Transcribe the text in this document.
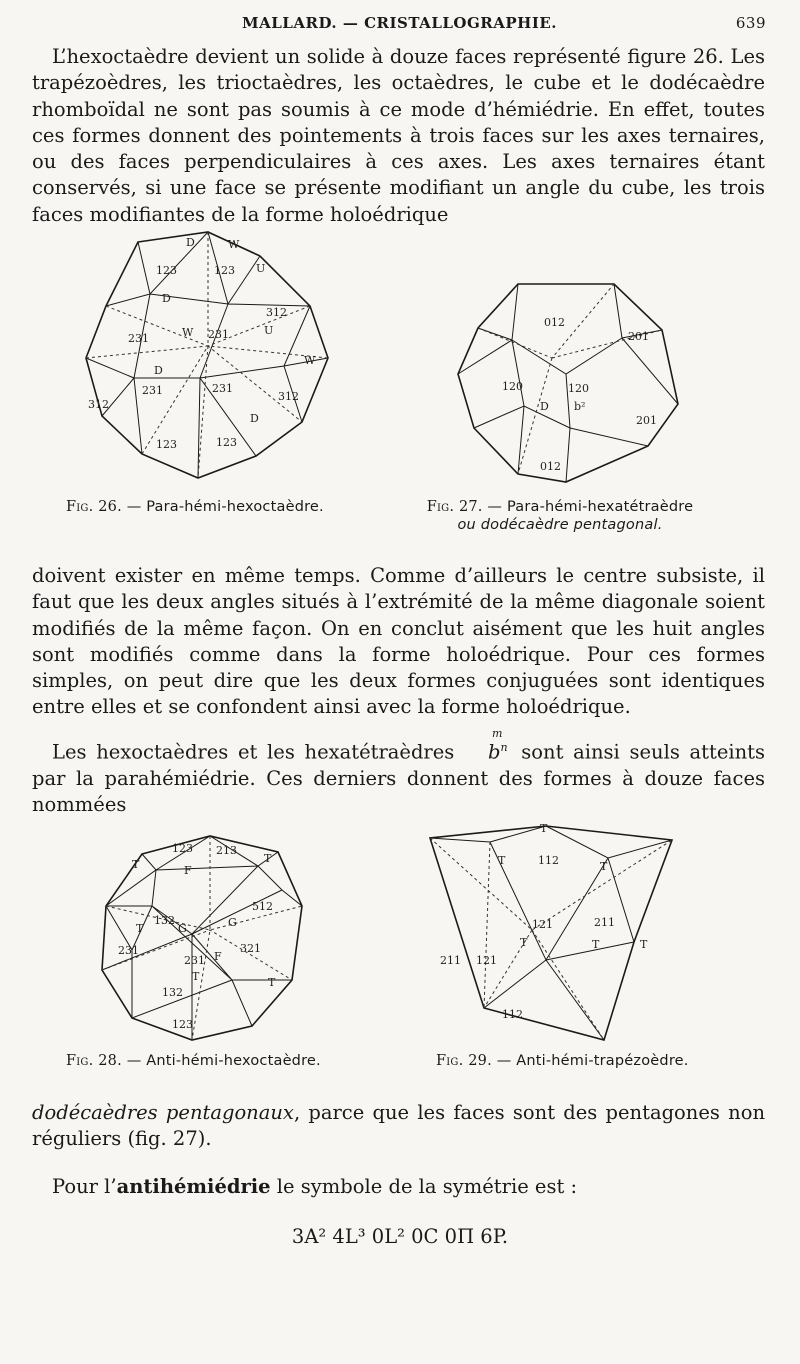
MALLARD. — CRISTALLOGRAPHIE.	639
L’hexoctaèdre devient un solide à douze faces représenté figure 26. Les trapézoèdres, les trioctaèdres, les octaèdres, le cube et le dodécaèdre rhomboïdal ne sont pas soumis à ce mode d’hémiédrie. En effet, toutes ces formes donnent des pointements à trois faces sur les axes ternaires, ou des faces perpendiculaires à ces axes. Les axes ternaires étant conservés, si une face se présente modifiant un angle du cube, les trois faces modifiantes de la forme holoédrique
D	W
123	123 U
D
312
231	W 231	U
W
D
231	231
312
312
D
123	123
012
201
120	120
D b²
201
012
Fig. 26. — Para-hémi-hexoctaèdre.	Fig. 27. — Para-hémi-hexatétraèdre
ou dodécaèdre pentagonal.
doivent exister en même temps. Comme d’ailleurs le centre subsiste, il faut que les deux angles situés à l’extrémité de la même diagonale soient modifiés de la même façon. On en conclut aisément que les huit angles sont modifiés comme dans la forme holoédrique. Pour ces formes simples, on peut dire que les deux formes conjuguées sont identiques entre elles et se confondent ainsi avec la forme holoédrique.
Les hexoctaèdres et les hexatétraèdres
m
$b^n$ sont ainsi seuls atteints par la parahémiédrie. Ces derniers donnent des formes à douze faces nommées
T
123 213
T
F
512
132
G
T	G
321
231
231 F
T	T
132
123
T
T	112	T
121	211
T	T	T
211 121
112
Fig. 28. — Anti-hémi-hexoctaèdre.	Fig. 29. — Anti-hémi-trapézoèdre.
dodécaèdres pentagonaux, parce que les faces sont des pentagones non réguliers (fig. 27).
Pour l’antihémiédrie le symbole de la symétrie est :
3A² 4L³ 0L² 0C 0Π 6P.
